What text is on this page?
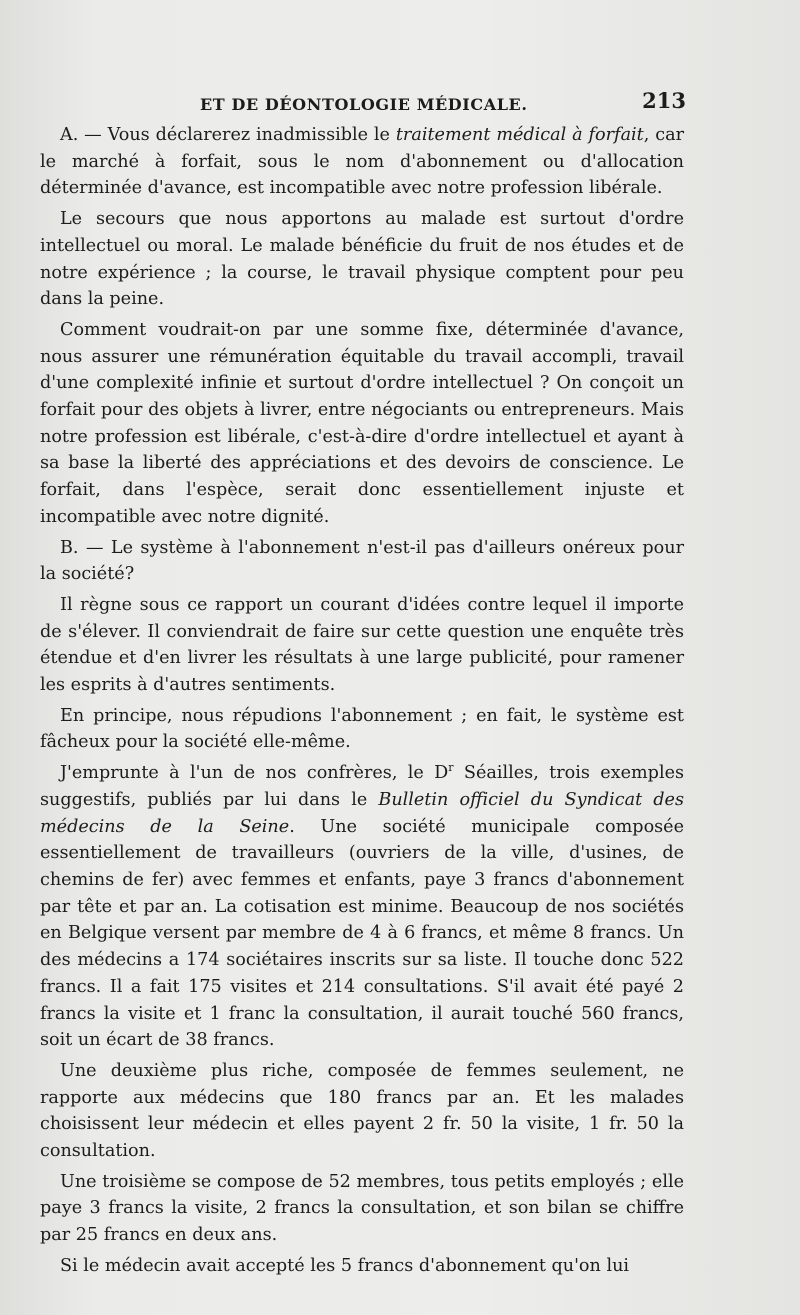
ET DE DÉONTOLOGIE MÉDICALE.	213

A. — Vous déclarerez inadmissible le traitement médical à forfait, car le marché à forfait, sous le nom d'abonnement ou d'allocation déterminée d'avance, est incompatible avec notre profession libérale.

Le secours que nous apportons au malade est surtout d'ordre intellectuel ou moral. Le malade bénéficie du fruit de nos études et de notre expérience ; la course, le travail physique comptent pour peu dans la peine.

Comment voudrait-on par une somme fixe, déterminée d'avance, nous assurer une rémunération équitable du travail accompli, travail d'une complexité infinie et surtout d'ordre intellectuel ? On conçoit un forfait pour des objets à livrer, entre négociants ou entrepreneurs. Mais notre profession est libérale, c'est-à-dire d'ordre intellectuel et ayant à sa base la liberté des appréciations et des devoirs de conscience. Le forfait, dans l'espèce, serait donc essentiellement injuste et incompatible avec notre dignité.

B. — Le système à l'abonnement n'est-il pas d'ailleurs onéreux pour la société?

Il règne sous ce rapport un courant d'idées contre lequel il importe de s'élever. Il conviendrait de faire sur cette question une enquête très étendue et d'en livrer les résultats à une large publicité, pour ramener les esprits à d'autres sentiments.

En principe, nous répudions l'abonnement ; en fait, le système est fâcheux pour la société elle-même.

J'emprunte à l'un de nos confrères, le $D^r$ Séailles, trois exemples suggestifs, publiés par lui dans le Bulletin officiel du Syndicat des médecins de la Seine. Une société municipale composée essentiellement de travailleurs (ouvriers de la ville, d'usines, de chemins de fer) avec femmes et enfants, paye 3 francs d'abonnement par tête et par an. La cotisation est minime. Beaucoup de nos sociétés en Belgique versent par membre de 4 à 6 francs, et même 8 francs. Un des médecins a 174 sociétaires inscrits sur sa liste. Il touche donc 522 francs. Il a fait 175 visites et 214 consultations. S'il avait été payé 2 francs la visite et 1 franc la consultation, il aurait touché 560 francs, soit un écart de 38 francs.

Une deuxième plus riche, composée de femmes seulement, ne rapporte aux médecins que 180 francs par an. Et les malades choisissent leur médecin et elles payent 2 fr. 50 la visite, 1 fr. 50 la consultation.

Une troisième se compose de 52 membres, tous petits employés ; elle paye 3 francs la visite, 2 francs la consultation, et son bilan se chiffre par 25 francs en deux ans.

Si le médecin avait accepté les 5 francs d'abonnement qu'on lui
